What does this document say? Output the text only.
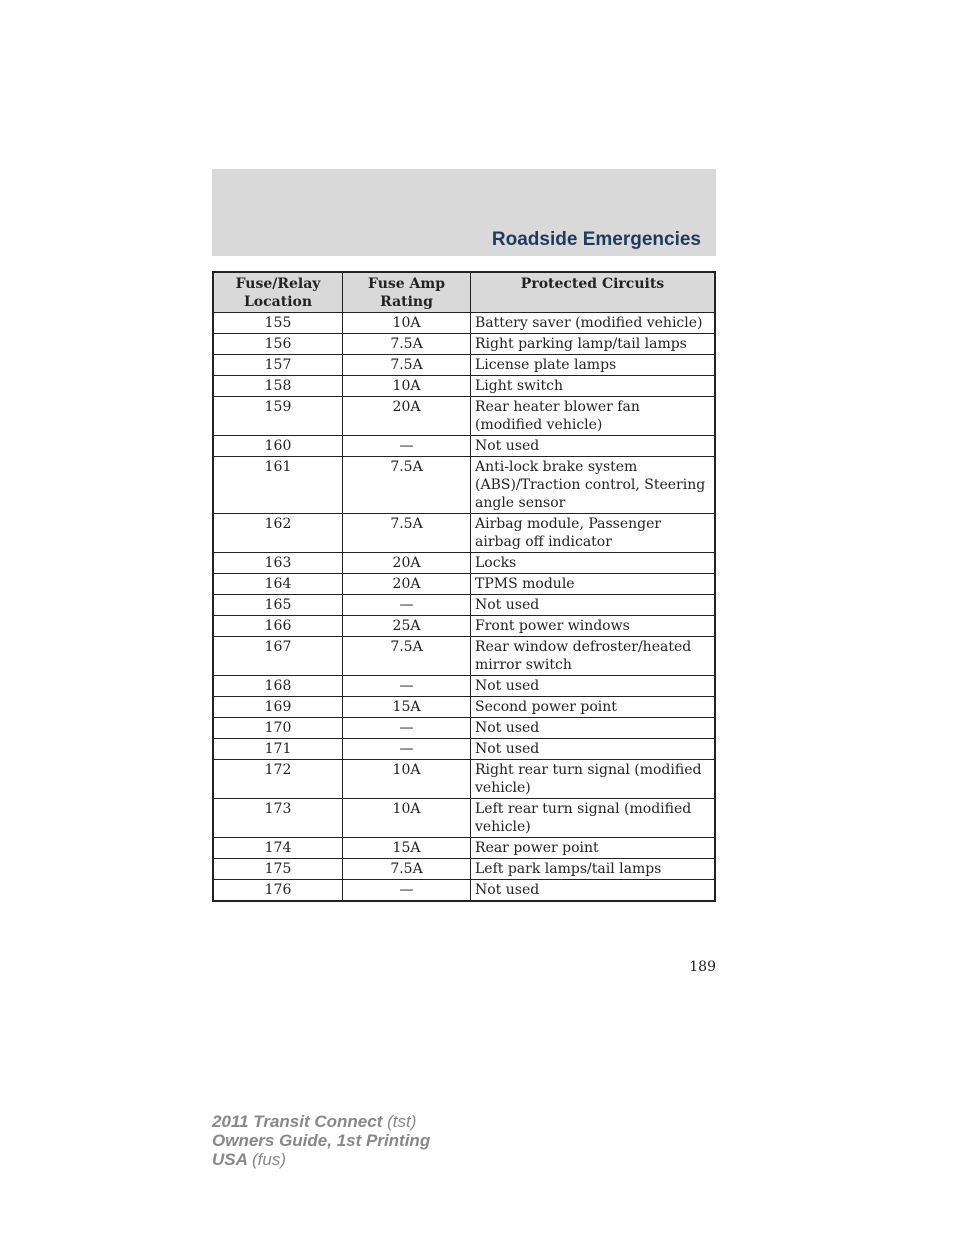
Roadside Emergencies
Fuse/Relay Location	Fuse Amp Rating	Protected Circuits
155	10A	Battery saver (modified vehicle)
156	7.5A	Right parking lamp/tail lamps
157	7.5A	License plate lamps
158	10A	Light switch
159	20A	Rear heater blower fan (modified vehicle)
160	—	Not used
161	7.5A	Anti-lock brake system (ABS)/Traction control, Steering angle sensor
162	7.5A	Airbag module, Passenger airbag off indicator
163	20A	Locks
164	20A	TPMS module
165	—	Not used
166	25A	Front power windows
167	7.5A	Rear window defroster/heated mirror switch
168	—	Not used
169	15A	Second power point
170	—	Not used
171	—	Not used
172	10A	Right rear turn signal (modified vehicle)
173	10A	Left rear turn signal (modified vehicle)
174	15A	Rear power point
175	7.5A	Left park lamps/tail lamps
176	—	Not used
189
2011 Transit Connect (tst)
Owners Guide, 1st Printing
USA (fus)
